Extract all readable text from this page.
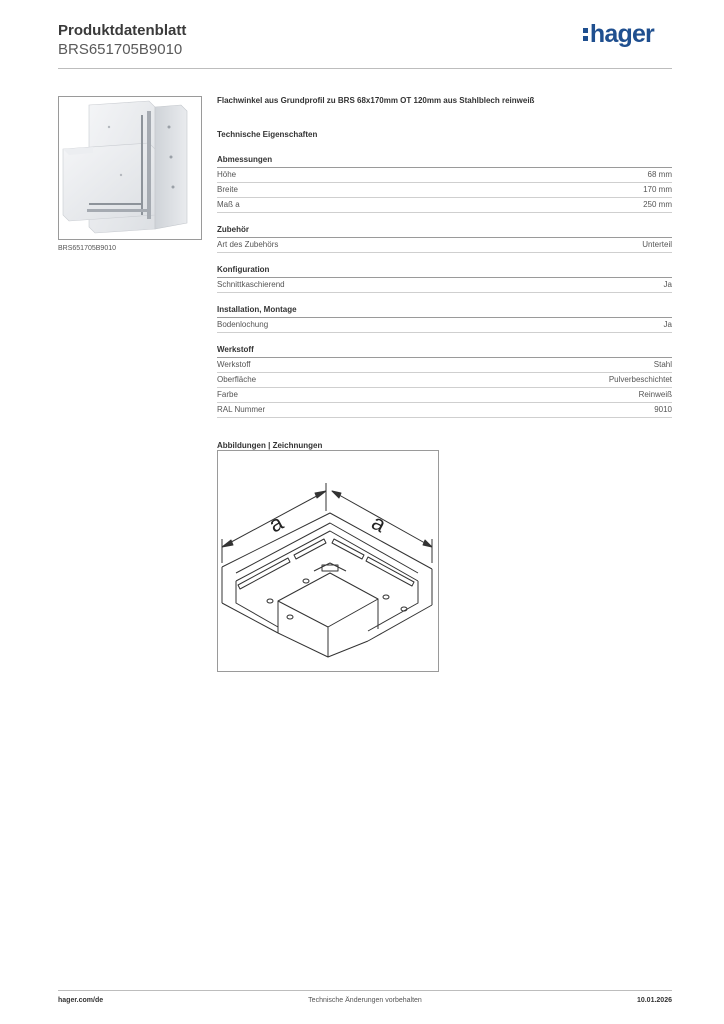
Produktdatenblatt
BRS651705B9010
hager
BRS651705B9010
Flachwinkel aus Grundprofil zu BRS 68x170mm OT 120mm aus Stahlblech reinweiß
Technische Eigenschaften
Abmessungen
Höhe	68 mm
Breite	170 mm
Maß a	250 mm
Zubehör
Art des Zubehörs	Unterteil
Konfiguration
Schnittkaschierend	Ja
Installation, Montage
Bodenlochung	Ja
Werkstoff
Werkstoff	Stahl
Oberfläche	Pulverbeschichtet
Farbe	Reinweiß
RAL Nummer	9010
Abbildungen | Zeichnungen
a	a
hager.com/de	Technische Änderungen vorbehalten	10.01.2026
